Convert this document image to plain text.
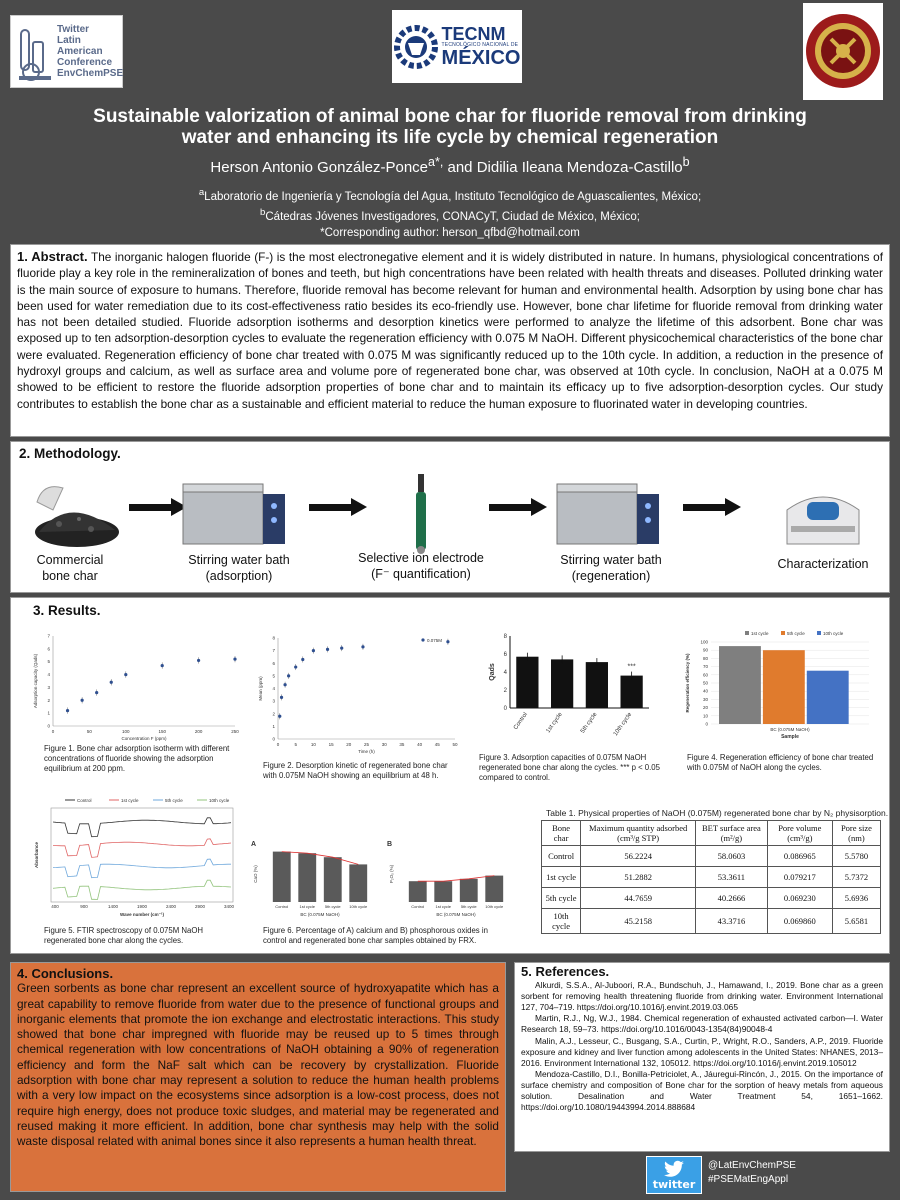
Twitter
Latin
American
Conference
EnvChemPSE
TECNM
TECNOLÓGICO NACIONAL DE
MÉXICO
Sustainable valorization of animal bone char for fluoride removal from drinking water and enhancing its life cycle by chemical regeneration
Herson Antonio González-Ponce$^{a*,}$ and Didilia Ileana Mendoza-Castillo$^b$
$^a$Laboratorio de Ingeniería y Tecnología del Agua, Instituto Tecnológico de Aguascalientes, México;
$^b$Cátedras Jóvenes Investigadores, CONACyT, Ciudad de México, México;
*Corresponding author: herson_qfbd@hotmail.com
1. Abstract. The inorganic halogen fluoride (F-) is the most electronegative element and it is widely distributed in nature. In humans, physiological concentrations of fluoride play a key role in the remineralization of bones and teeth, but high concentrations have been related with health threats and diseases. Polluted drinking water is the main source of exposure to humans. Therefore, fluoride removal has become relevant for human and environmental health. Adsorption by using bone char has been used for water remediation due to its cost-effectiveness ratio besides its eco-friendly use. However, bone char lifetime for fluoride removal from drinking water has not been detailed studied. Fluoride adsorption isotherms and desorption kinetics were performed to analyze the lifetime of this adsorbent. Bone char was exposed up to ten adsorption-desorption cycles to evaluate the regeneration efficiency with 0.075 M NaOH. Different physicochemical characteristics of the bone char were evaluated. Regeneration efficiency of bone char treated with 0.075 M was significantly reduced up to the 10th cycle. In addition, a reduction in the presence of hydroxyl groups and calcium, as well as surface area and volume pore of regenerated bone char, was observed at 10th cycle. In conclusion, NaOH at a 0.075 M showed to be efficient to restore the fluoride adsorption properties of bone char and to maintain its efficacy up to five adsorption-desorption cycles. Our study contributes to establish the bone char as a sustainable and efficient material to reduce the human exposure to fluorinated water in developing countries.
2. Methodology.
Commercial
bone char
Stirring water bath
(adsorption)
Selective ion electrode
(F⁻ quantification)
Stirring water bath
(regeneration)
Characterization
3. Results.
0	50	100	150	200	250
0
1
2
3
4
5
6
7
Concentration F (ppm)
Adsorption capacity (Qads)
Figure 1. Bone char adsorption isotherm with different concentrations of fluoride showing the adsorption equilibrium at 200 ppm.
0	5	10	15	20	25	30	35	40	45	50
0
1
2
3
4
5
6
7
8
Time (h)
Mean (ppm)
0.075M
Figure 2. Desorption kinetic of regenerated bone char with 0.075M NaOH showing an equilibrium at 48 h.
0
2
4
6
8
Qads
Control	1st cycle	5th cycle 10th cycle
***
Figure 3. Adsorption capacities of 0.075M NaOH regenerated bone char along the cycles. *** p < 0.05 compared to control.
0
10
20
30
40
50
60
70
80
90
100
Regeneration efficiency (%)
BC (0.075M NaOH)
Sample
1st cycle	5th cycle	10th cycle
Figure 4. Regeneration efficiency of bone char treated with 0.075M of NaOH along the cycles.
Control	1st cycle	5th cycle	10th cycle
400	900	1400	1900	2400	2900	3400
Wave number (cm⁻¹)
Absorbance
Figure 5. FTIR spectroscopy of 0.075M NaOH regenerated bone char along the cycles.
A
CaO (%)
Control	1st cycle 5th cycle 10th cycle
BC (0.075M NaOH)
B
P₂O₅ (%)
Control	1st cycle 5th cycle 10th cycle
BC (0.075M NaOH)
Figure 6. Percentage of A) calcium and B) phosphorous oxides in control and regenerated bone char samples obtained by FRX.
Table 1. Physical properties of NaOH (0.075M) regenerated bone char by N₂ physisorption.
Bone char	Maximum quantity adsorbed (cm³/g STP)	BET surface area (m²/g)	Pore volume (cm³/g)	Pore size (nm)
Control	56.2224	58.0603	0.086965	5.5780
1st cycle	51.2882	53.3611	0.079217	5.7372
5th cycle	44.7659	40.2666	0.069230	5.6936
10th cycle	45.2158	43.3716	0.069860	5.6581
4. Conclusions.
Green sorbents as bone char represent an excellent source of hydroxyapatite which has a great capability to remove fluoride from water due to the presence of functional groups and inorganic elements that promote the ion exchange and electrostatic interactions. This study showed that bone char impregned with fluoride may be reused up to 5 times through chemical regeneration with low concentrations of NaOH obtaining a 90% of regeneration efficiency and form the NaF salt which can be recovery by crystallization. Fluoride adsorption with bone char may represent a solution to reduce the human health problems with a very low impact on the ecosystems since adsorption is a low-cost process, does not require high energy, does not produce toxic sludges, and material may be regenerated and reused making it more efficient. In addition, bone char synthesis may help with the solid waste disposal related with animal bones since it also represents a human health threat.
5. References.
Alkurdi, S.S.A., Al-Juboori, R.A., Bundschuh, J., Hamawand, I., 2019. Bone char as a green sorbent for removing health threatening fluoride from drinking water. Environment International 127, 704–719. https://doi.org/10.1016/j.envint.2019.03.065
Martin, R.J., Ng, W.J., 1984. Chemical regeneration of exhausted activated carbon—I. Water Research 18, 59–73. https://doi.org/10.1016/0043-1354(84)90048-4
Malin, A.J., Lesseur, C., Busgang, S.A., Curtin, P., Wright, R.O., Sanders, A.P., 2019. Fluoride exposure and kidney and liver function among adolescents in the United States: NHANES, 2013–2016. Environment International 132, 105012. https://doi.org/10.1016/j.envint.2019.105012
Mendoza-Castillo, D.I., Bonilla-Petriciolet, A., Jáuregui-Rincón, J., 2015. On the importance of surface chemistry and composition of Bone char for the sorption of heavy metals from aqueous solution. Desalination and Water Treatment 54, 1651–1662. https://doi.org/10.1080/19443994.2014.888684
twitter
@LatEnvChemPSE
#PSEMatEngAppl
